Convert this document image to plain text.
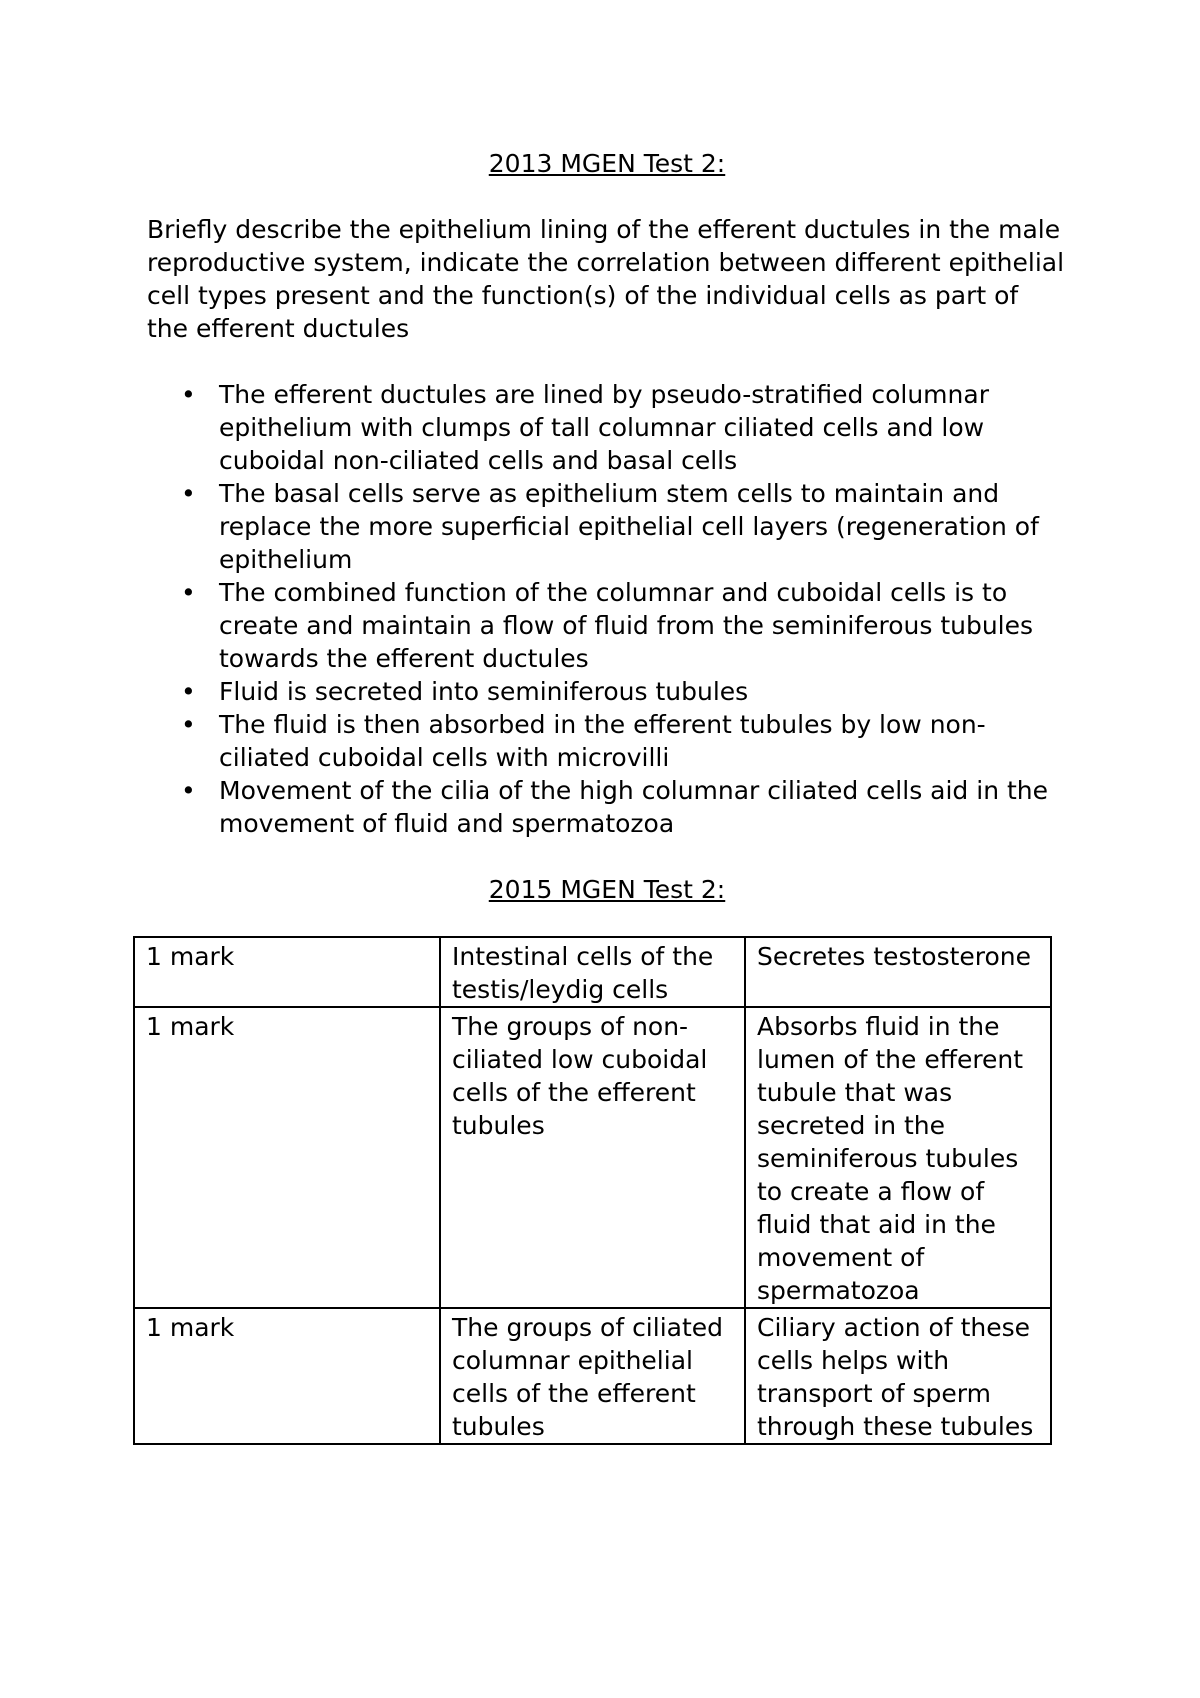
2013 MGEN Test 2:

Briefly describe the epithelium lining of the efferent ductules in the male reproductive system, indicate the correlation between different epithelial cell types present and the function(s) of the individual cells as part of the efferent ductules

• The efferent ductules are lined by pseudo-stratified columnar epithelium with clumps of tall columnar ciliated cells and low cuboidal non-ciliated cells and basal cells
• The basal cells serve as epithelium stem cells to maintain and replace the more superficial epithelial cell layers (regeneration of epithelium
• The combined function of the columnar and cuboidal cells is to create and maintain a flow of fluid from the seminiferous tubules towards the efferent ductules
• Fluid is secreted into seminiferous tubules
• The fluid is then absorbed in the efferent tubules by low non-ciliated cuboidal cells with microvilli
• Movement of the cilia of the high columnar ciliated cells aid in the movement of fluid and spermatozoa
2015 MGEN Test 2:
1 mark	Intestinal cells of the testis/leydig cells	Secretes testosterone
1 mark	The groups of non-ciliated low cuboidal cells of the efferent tubules	Absorbs fluid in the lumen of the efferent tubule that was secreted in the seminiferous tubules to create a flow of fluid that aid in the movement of spermatozoa
1 mark	The groups of ciliated columnar epithelial cells of the efferent tubules	Ciliary action of these cells helps with transport of sperm through these tubules
